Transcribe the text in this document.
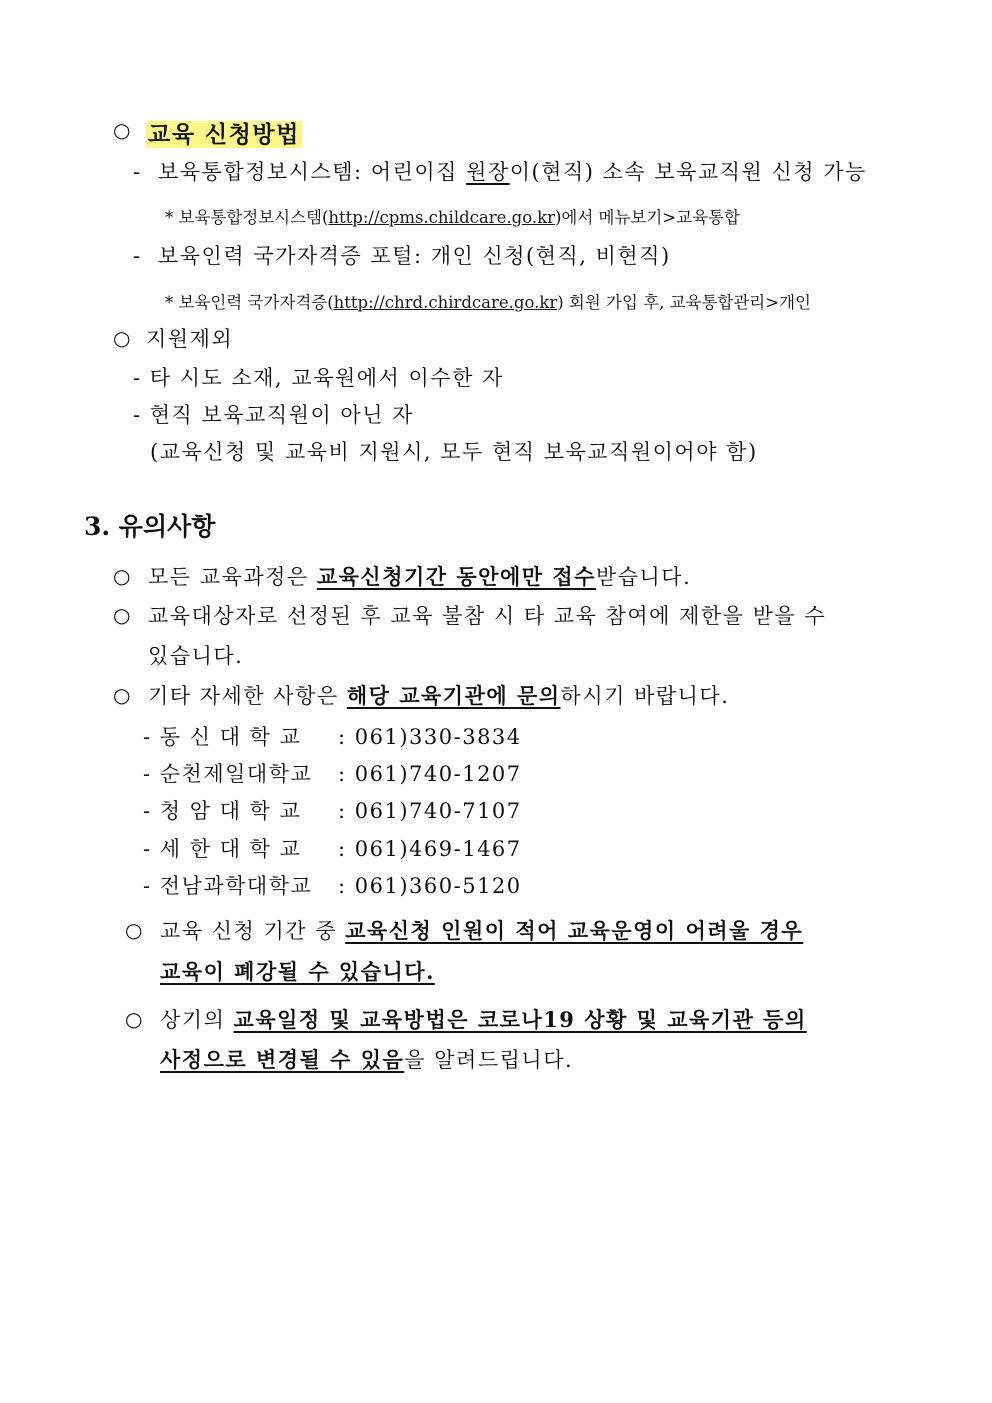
○ 교육 신청방법
- 보육통합정보시스템: 어린이집 원장이(현직) 소속 보육교직원 신청 가능
* 보육통합정보시스템(http://cpms.childcare.go.kr)에서 메뉴보기>교육통합
- 보육인력 국가자격증 포털: 개인 신청(현직, 비현직)
* 보육인력 국가자격증(http://chrd.chirdcare.go.kr) 회원 가입 후, 교육통합관리>개인
○ 지원제외
- 타 시도 소재, 교육원에서 이수한 자
- 현직 보육교직원이 아닌 자
(교육신청 및 교육비 지원시, 모두 현직 보육교직원이어야 함)
3. 유의사항
○ 모든 교육과정은 교육신청기간 동안에만 접수받습니다.
○ 교육대상자로 선정된 후 교육 불참 시 타 교육 참여에 제한을 받을 수
있습니다.
○ 기타 자세한 사항은 해당 교육기관에 문의하시기 바랍니다.
- 동 신 대 학 교 : 061)330-3834
- 순천제일대학교 : 061)740-1207
- 청 암 대 학 교 : 061)740-7107
- 세 한 대 학 교 : 061)469-1467
- 전남과학대학교 : 061)360-5120
○ 교육 신청 기간 중 교육신청 인원이 적어 교육운영이 어려울 경우
교육이 폐강될 수 있습니다.
○ 상기의 교육일정 및 교육방법은 코로나19 상황 및 교육기관 등의
사정으로 변경될 수 있음을 알려드립니다.
